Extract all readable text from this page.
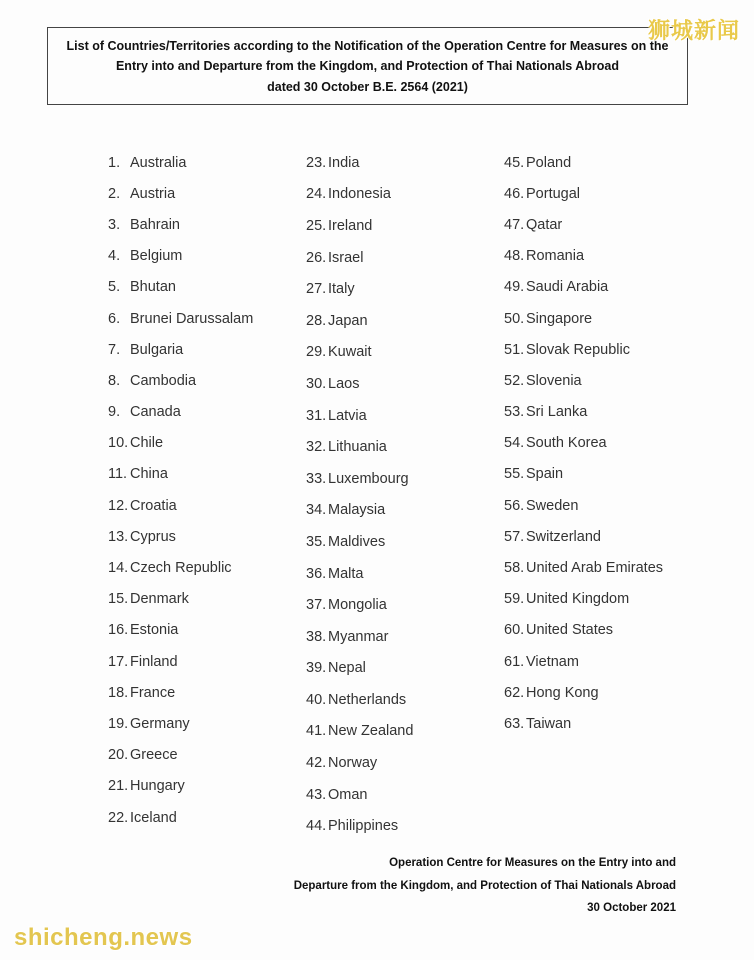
List of Countries/Territories according to the Notification of the Operation Centre for Measures on the
Entry into and Departure from the Kingdom, and Protection of Thai Nationals Abroad
dated 30 October B.E. 2564 (2021)
1. Australia
2. Austria
3. Bahrain
4. Belgium
5. Bhutan
6. Brunei Darussalam
7. Bulgaria
8. Cambodia
9. Canada
10. Chile
11. China
12. Croatia
13. Cyprus
14. Czech Republic
15. Denmark
16. Estonia
17. Finland
18. France
19. Germany
20. Greece
21. Hungary
22. Iceland
23. India
24. Indonesia
25. Ireland
26. Israel
27. Italy
28. Japan
29. Kuwait
30. Laos
31. Latvia
32. Lithuania
33. Luxembourg
34. Malaysia
35. Maldives
36. Malta
37. Mongolia
38. Myanmar
39. Nepal
40. Netherlands
41. New Zealand
42. Norway
43. Oman
44. Philippines
45. Poland
46. Portugal
47. Qatar
48. Romania
49. Saudi Arabia
50. Singapore
51. Slovak Republic
52. Slovenia
53. Sri Lanka
54. South Korea
55. Spain
56. Sweden
57. Switzerland
58. United Arab Emirates
59. United Kingdom
60. United States
61. Vietnam
62. Hong Kong
63. Taiwan
Operation Centre for Measures on the Entry into and
Departure from the Kingdom, and Protection of Thai Nationals Abroad
30 October 2021
狮城新闻
shicheng.news
